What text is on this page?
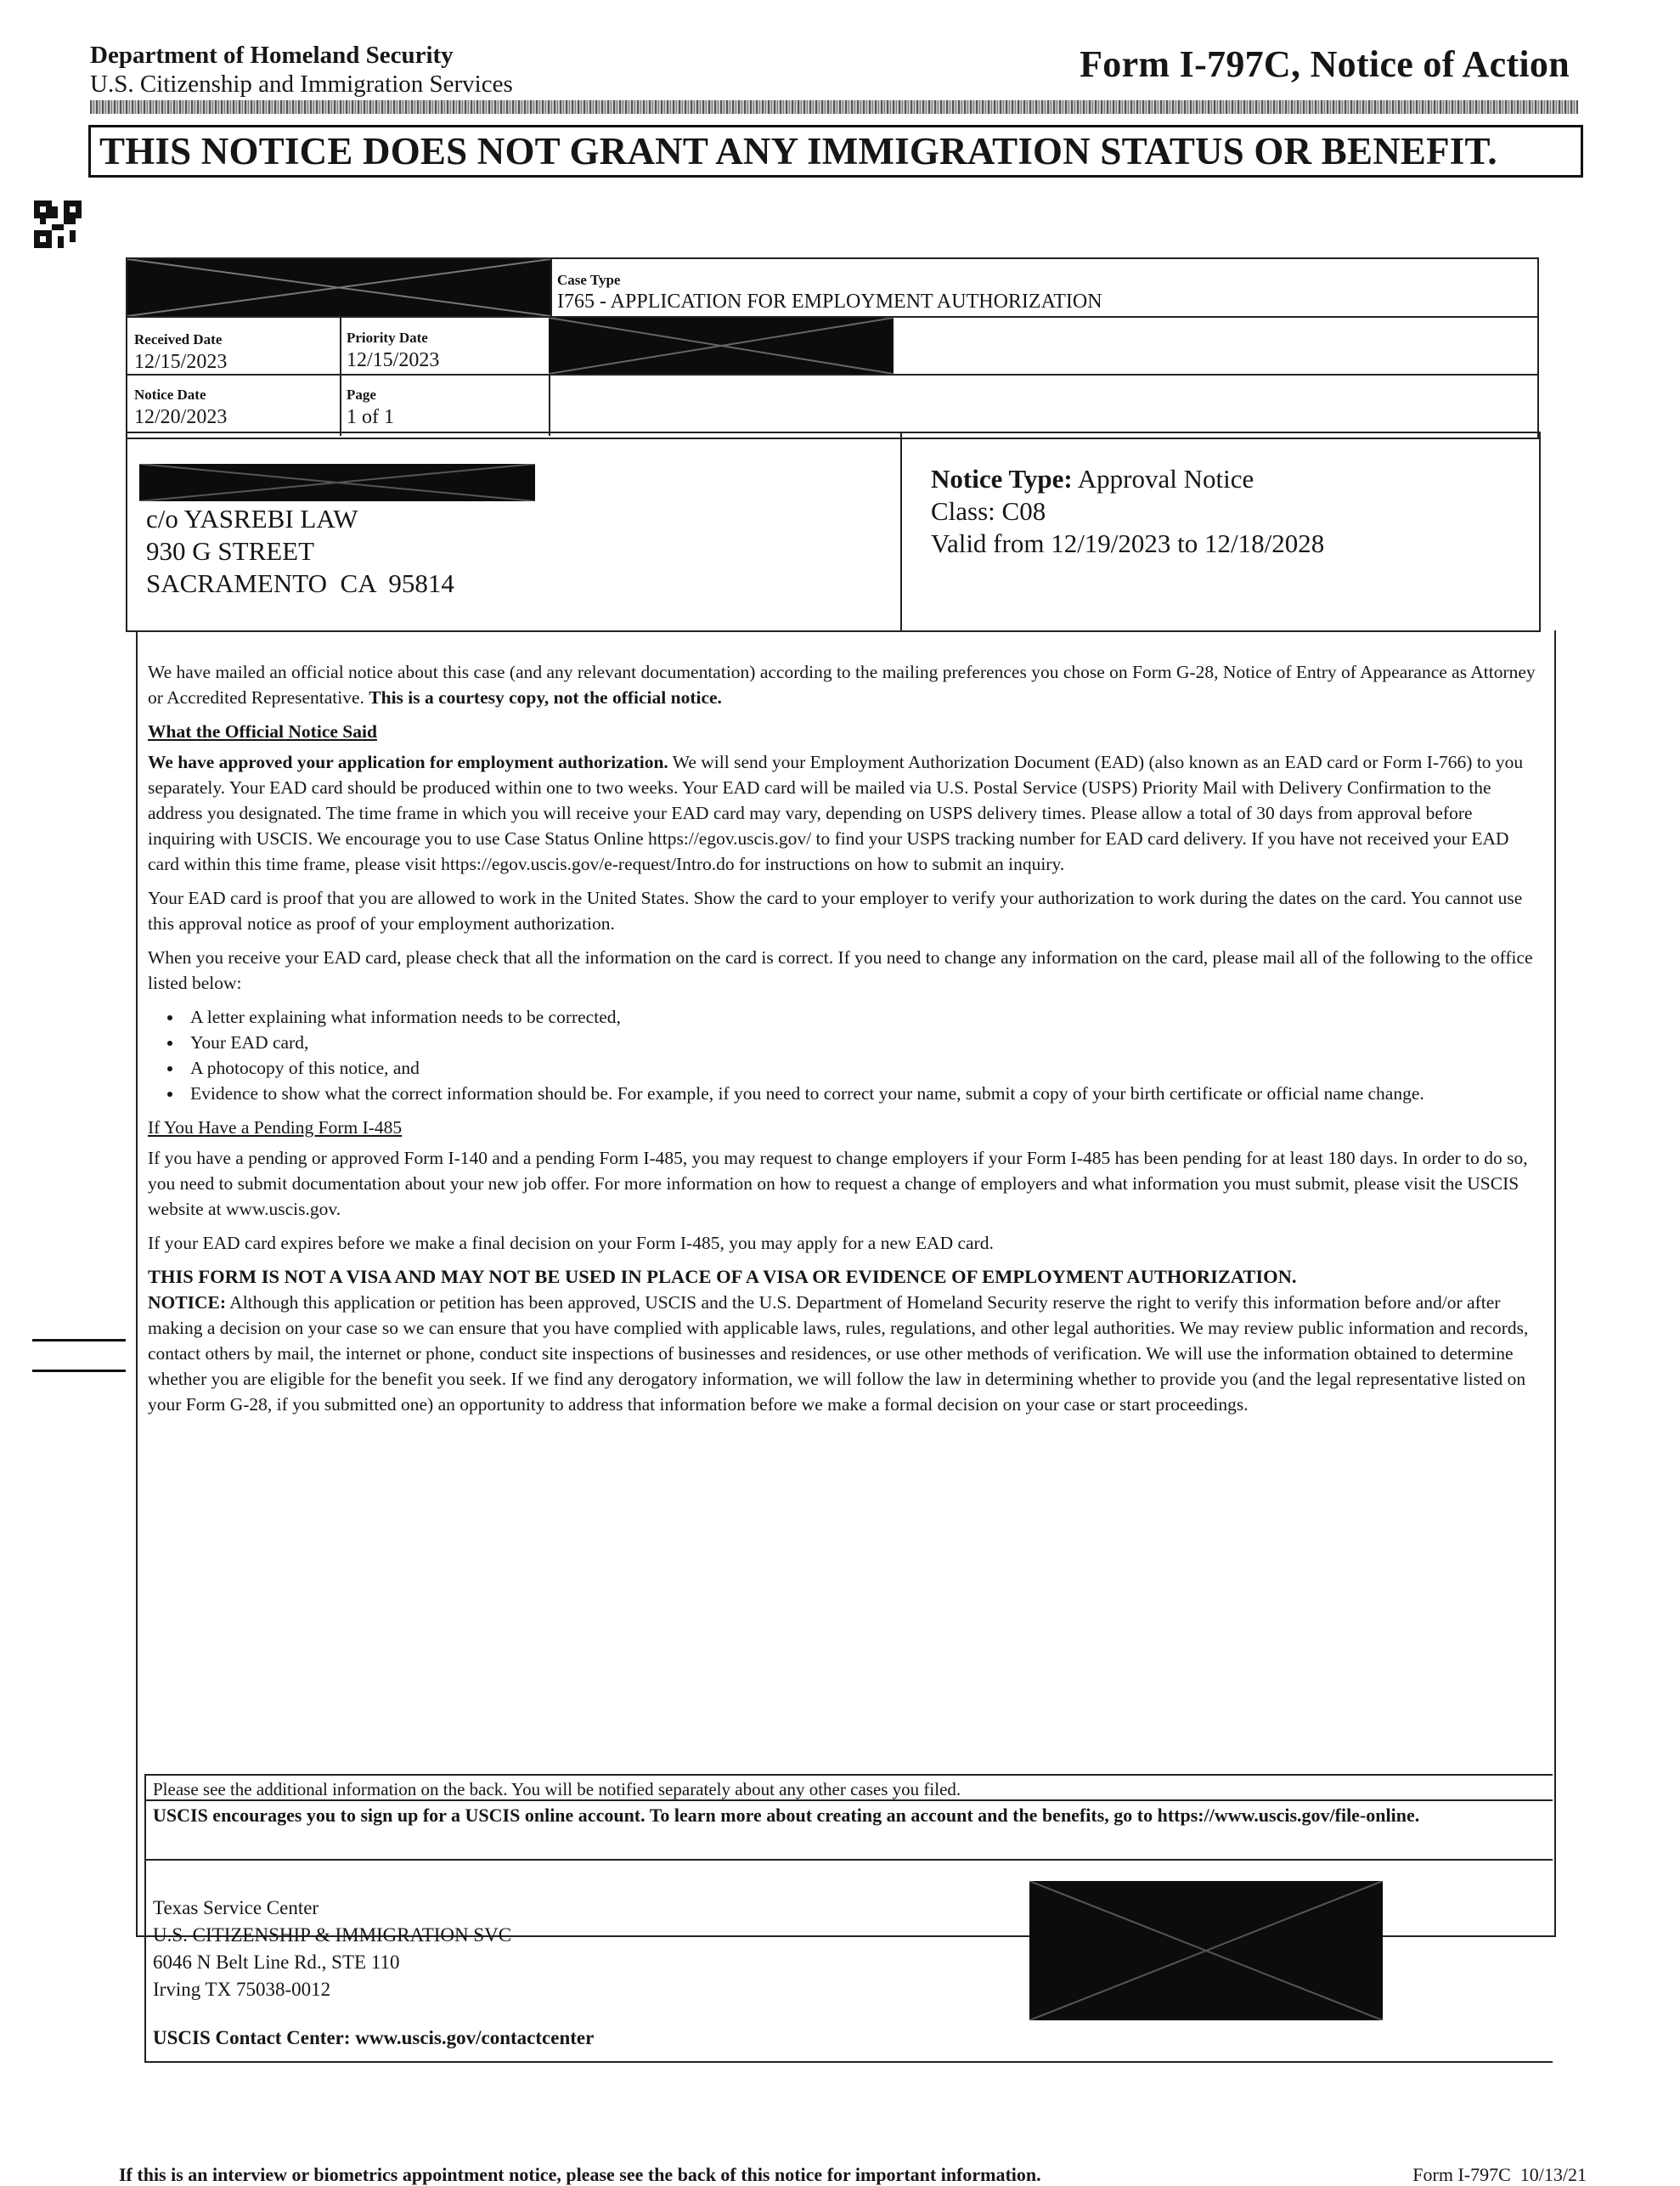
Department of Homeland Security
U.S. Citizenship and Immigration Services	Form I-797C, Notice of Action
THIS NOTICE DOES NOT GRANT ANY IMMIGRATION STATUS OR BENEFIT.
Case Type
I765 - APPLICATION FOR EMPLOYMENT AUTHORIZATION
Received Date
12/15/2023
Priority Date
12/15/2023
Notice Date
12/20/2023
Page
1 of 1
c/o YASREBI LAW
930 G STREET
SACRAMENTO  CA  95814
Notice Type: Approval Notice
Class: C08
Valid from 12/19/2023 to 12/18/2028

We have mailed an official notice about this case (and any relevant documentation) according to the mailing preferences you chose on Form G-28, Notice of Entry of Appearance as Attorney or Accredited Representative. This is a courtesy copy, not the official notice.

What the Official Notice Said

We have approved your application for employment authorization. We will send your Employment Authorization Document (EAD) (also known as an EAD card or Form I-766) to you separately. Your EAD card should be produced within one to two weeks. Your EAD card will be mailed via U.S. Postal Service (USPS) Priority Mail with Delivery Confirmation to the address you designated. The time frame in which you will receive your EAD card may vary, depending on USPS delivery times. Please allow a total of 30 days from approval before inquiring with USCIS. We encourage you to use Case Status Online https://egov.uscis.gov/ to find your USPS tracking number for EAD card delivery. If you have not received your EAD card within this time frame, please visit https://egov.uscis.gov/e-request/Intro.do for instructions on how to submit an inquiry.

Your EAD card is proof that you are allowed to work in the United States. Show the card to your employer to verify your authorization to work during the dates on the card. You cannot use this approval notice as proof of your employment authorization.

When you receive your EAD card, please check that all the information on the card is correct. If you need to change any information on the card, please mail all of the following to the office listed below:

• A letter explaining what information needs to be corrected,
• Your EAD card,
• A photocopy of this notice, and
• Evidence to show what the correct information should be. For example, if you need to correct your name, submit a copy of your birth certificate or official name change.

If You Have a Pending Form I-485

If you have a pending or approved Form I-140 and a pending Form I-485, you may request to change employers if your Form I-485 has been pending for at least 180 days. In order to do so, you need to submit documentation about your new job offer. For more information on how to request a change of employers and what information you must submit, please visit the USCIS website at www.uscis.gov.

If your EAD card expires before we make a final decision on your Form I-485, you may apply for a new EAD card.

THIS FORM IS NOT A VISA AND MAY NOT BE USED IN PLACE OF A VISA OR EVIDENCE OF EMPLOYMENT AUTHORIZATION.

NOTICE: Although this application or petition has been approved, USCIS and the U.S. Department of Homeland Security reserve the right to verify this information before and/or after making a decision on your case so we can ensure that you have complied with applicable laws, rules, regulations, and other legal authorities. We may review public information and records, contact others by mail, the internet or phone, conduct site inspections of businesses and residences, or use other methods of verification. We will use the information obtained to determine whether you are eligible for the benefit you seek. If we find any derogatory information, we will follow the law in determining whether to provide you (and the legal representative listed on your Form G-28, if you submitted one) an opportunity to address that information before we make a formal decision on your case or start proceedings.

Please see the additional information on the back. You will be notified separately about any other cases you filed.
USCIS encourages you to sign up for a USCIS online account. To learn more about creating an account and the benefits, go to https://www.uscis.gov/file-online.
Texas Service Center
U.S. CITIZENSHIP & IMMIGRATION SVC
6046 N Belt Line Rd., STE 110
Irving TX 75038-0012
USCIS Contact Center: www.uscis.gov/contactcenter
If this is an interview or biometrics appointment notice, please see the back of this notice for important information.	Form I-797C  10/13/21
